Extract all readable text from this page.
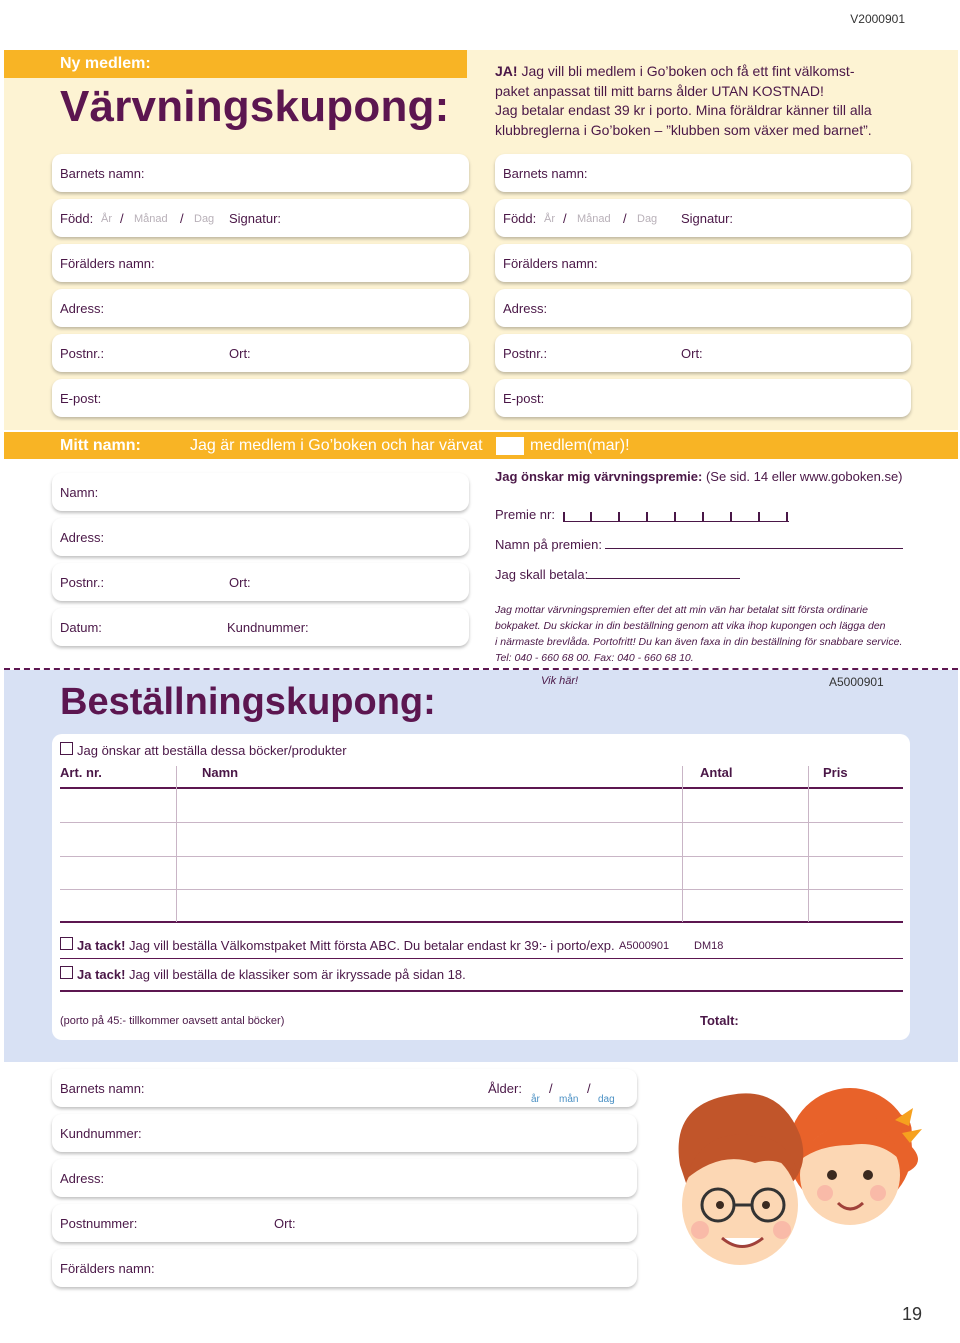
V2000901
Ny medlem:
Värvningskupong:
JA! Jag vill bli medlem i Go’boken och få ett fint välkomst-
paket anpassat till mitt barns ålder UTAN KOSTNAD!
Jag betalar endast 39 kr i porto. Mina föräldrar känner till alla
klubbreglerna i Go’boken – ”klubben som växer med barnet”.
Barnets namn:
Född: År / Månad / Dag Signatur:
Förälders namn:
Adress:
Postnr.:	Ort:
E-post:
Barnets namn:
Född: År / Månad / Dag Signatur:
Förälders namn:
Adress:
Postnr.:	Ort:
E-post:
Mitt namn:	Jag är medlem i Go’boken och har värvat	medlem(mar)!
Namn:
Adress:
Postnr.:	Ort:
Datum:	Kundnummer:
Jag önskar mig värvningspremie: (Se sid. 14 eller www.goboken.se)
Premie nr:
Namn på premien:
Jag skall betala:
Jag mottar värvningspremien efter det att min vän har betalat sitt första ordinarie
bokpaket. Du skickar in din beställning genom att vika ihop kupongen och lägga den
i närmaste brevlåda. Portofritt! Du kan även faxa in din beställning för snabbare service.
Tel: 040 - 660 68 00. Fax: 040 - 660 68 10.
Vik här!	A5000901
Beställningskupong:
Jag önskar att beställa dessa böcker/produkter
Art. nr.	Namn	Antal	Pris
Ja tack! Jag vill beställa Välkomstpaket Mitt första ABC. Du betalar endast kr 39:- i porto/exp. A5000901 DM18
Ja tack! Jag vill beställa de klassiker som är ikryssade på sidan 18.
(porto på 45:- tillkommer oavsett antal böcker)	Totalt:
Barnets namn:	Ålder: /	/
år mån dag
Kundnummer:
Adress:
Postnummer:	Ort:
Förälders namn:
19
